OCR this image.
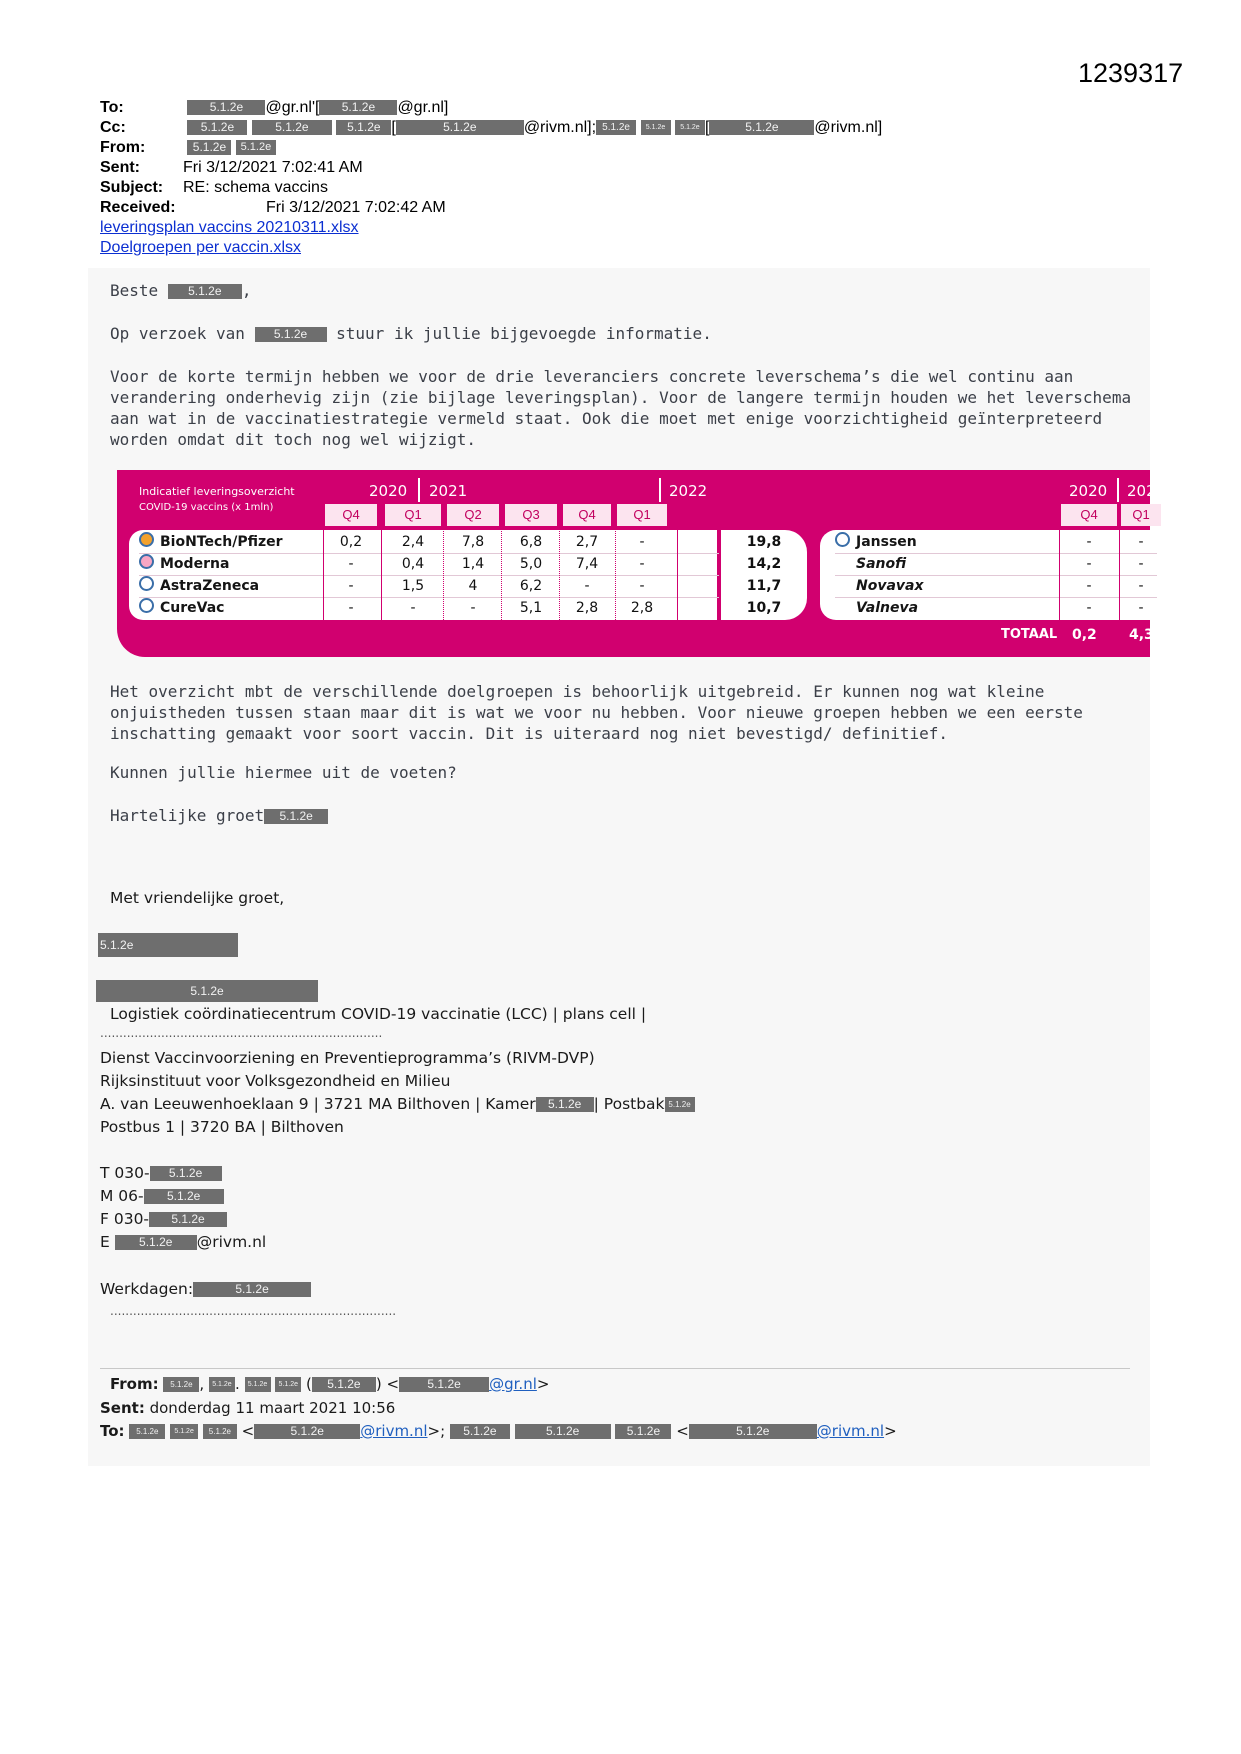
1239317
To:	5.1.2e @gr.nl'[ 5.1.2e @gr.nl]
Cc:	5.1.2e	5.1.2e	5.1.2e [	5.1.2e	@rivm.nl]; 5.1.2e 5.1.2e 5.1.2e [	5.1.2e @rivm.nl]
From:	5.1.2e 5.1.2e
Sent:	Fri 3/12/2021 7:02:41 AM
Subject: RE: schema vaccins
Received:	Fri 3/12/2021 7:02:42 AM
leveringsplan vaccins 20210311.xlsx
Doelgroepen per vaccin.xlsx
Beste 5.1.2e ,
Op verzoek van 5.1.2e stuur ik jullie bijgevoegde informatie.
Voor de korte termijn hebben we voor de drie leveranciers concrete leverschema’s die wel continu aan verandering onderhevig zijn (zie bijlage leveringsplan). Voor de langere termijn houden we het leverschema aan wat in de vaccinatiestrategie vermeld staat. Ook die moet met enige voorzichtigheid geïnterpreteerd worden omdat dit toch nog wel wijzigt.
Indicatief leveringsoverzicht
COVID-19 vaccins (x 1mln)
2020 2021	2022
Q4	Q1	Q2	Q3	Q4	Q1
BioNTech/Pfizer	0,2	2,4	7,8	6,8	2,7	-	19,8
Moderna	-	0,4	1,4	5,0	7,4	-	14,2
AstraZeneca	-	1,5	4	6,2	-	-	11,7
CureVac	-	-	-	5,1	2,8	2,8	10,7
2020 202
Q4	Q1
Janssen	-	-
Sanofi	-	-
Novavax	-	-
Valneva	-	-
TOTAAL 0,2 4,3
Het overzicht mbt de verschillende doelgroepen is behoorlijk uitgebreid. Er kunnen nog wat kleine onjuistheden tussen staan maar dit is wat we voor nu hebben. Voor nieuwe groepen hebben we een eerste inschatting gemaakt voor soort vaccin. Dit is uiteraard nog niet bevestigd/ definitief.
Kunnen jullie hiermee uit de voeten?
Hartelijke groet 5.1.2e
Met vriendelijke groet,
5.1.2e
5.1.2e
Logistiek coördinatiecentrum COVID-19 vaccinatie (LCC) | plans cell |
..........................................................................
Dienst Vaccinvoorziening en Preventieprogramma’s (RIVM-DVP)
Rijksinstituut voor Volksgezondheid en Milieu
A. van Leeuwenhoeklaan 9 | 3721 MA Bilthoven | Kamer 5.1.2e | Postbak 5.1.2e
Postbus 1 | 3720 BA | Bilthoven
T 030- 5.1.2e
M 06- 5.1.2e
F 030- 5.1.2e
E 5.1.2e @rivm.nl
Werkdagen:	5.1.2e
...........................................................................
From: 5.1.2e , 5.1.2e . 5.1.2e 5.1.2e ( 5.1.2e ) < 5.1.2e @gr.nl>
Sent: donderdag 11 maart 2021 10:56
To: 5.1.2e 5.1.2e 5.1.2e <	5.1.2e @rivm.nl>; 5.1.2e	5.1.2e	5.1.2e <	5.1.2e	@rivm.nl>
